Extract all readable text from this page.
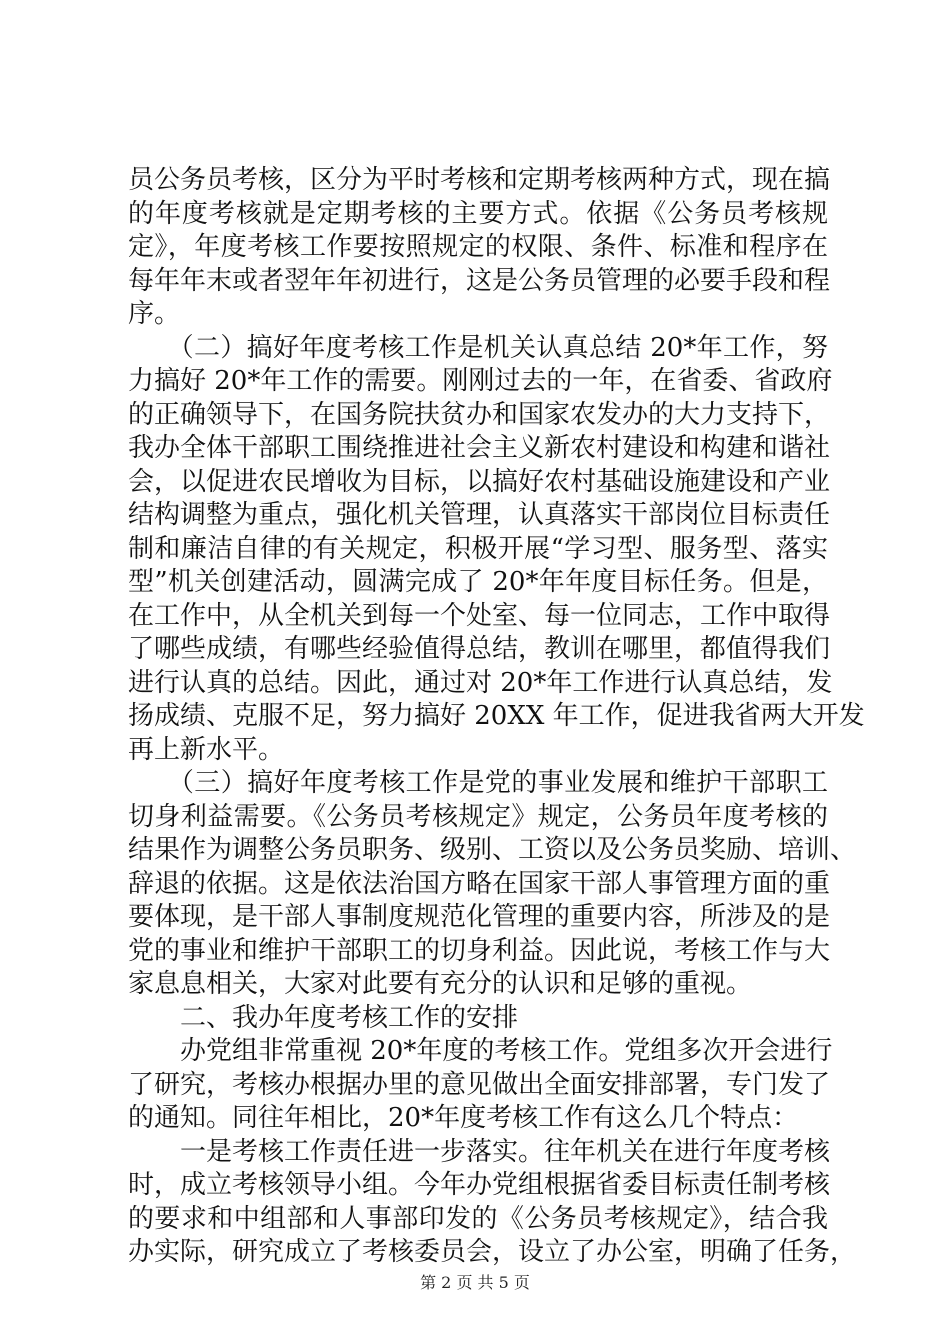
员公务员考核，区分为平时考核和定期考核两种方式，现在搞
的年度考核就是定期考核的主要方式。依据《公务员考核规
定》，年度考核工作要按照规定的权限、条件、标准和程序在
每年年末或者翌年年初进行，这是公务员管理的必要手段和程
序。
　　（二）搞好年度考核工作是机关认真总结 20*年工作，努
力搞好 20*年工作的需要。刚刚过去的一年，在省委、省政府
的正确领导下，在国务院扶贫办和国家农发办的大力支持下，
我办全体干部职工围绕推进社会主义新农村建设和构建和谐社
会，以促进农民增收为目标，以搞好农村基础设施建设和产业
结构调整为重点，强化机关管理，认真落实干部岗位目标责任
制和廉洁自律的有关规定，积极开展“学习型、服务型、落实
型”机关创建活动，圆满完成了 20*年年度目标任务。但是，
在工作中，从全机关到每一个处室、每一位同志，工作中取得
了哪些成绩，有哪些经验值得总结，教训在哪里，都值得我们
进行认真的总结。因此，通过对 20*年工作进行认真总结，发
扬成绩、克服不足，努力搞好 20XX 年工作，促进我省两大开发
再上新水平。
　　（三）搞好年度考核工作是党的事业发展和维护干部职工
切身利益需要。《公务员考核规定》规定，公务员年度考核的
结果作为调整公务员职务、级别、工资以及公务员奖励、培训、
辞退的依据。这是依法治国方略在国家干部人事管理方面的重
要体现，是干部人事制度规范化管理的重要内容，所涉及的是
党的事业和维护干部职工的切身利益。因此说，考核工作与大
家息息相关，大家对此要有充分的认识和足够的重视。
　　二、我办年度考核工作的安排
　　办党组非常重视 20*年度的考核工作。党组多次开会进行
了研究，考核办根据办里的意见做出全面安排部署，专门发了
的通知。同往年相比，20*年度考核工作有这么几个特点：
　　一是考核工作责任进一步落实。往年机关在进行年度考核
时，成立考核领导小组。今年办党组根据省委目标责任制考核
的要求和中组部和人事部印发的《公务员考核规定》，结合我
办实际，研究成立了考核委员会，设立了办公室，明确了任务，
第 2 页 共 5 页
